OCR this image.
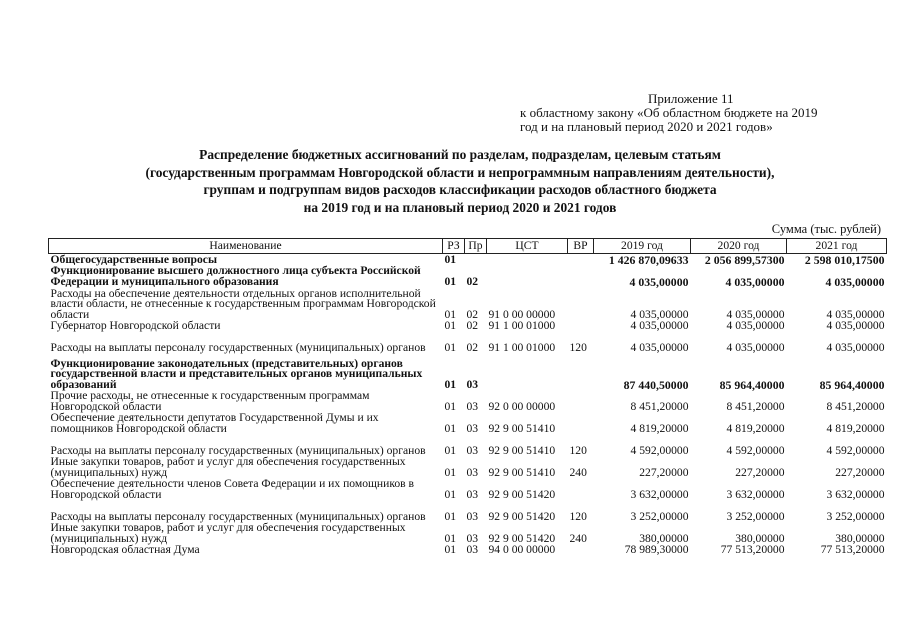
Приложение 11
к областному закону «Об областном бюджете на 2019
год и на плановый период 2020 и 2021 годов»
Распределение бюджетных ассигнований по разделам, подразделам, целевым статьям
(государственным программам Новгородской области и непрограммным направлениям деятельности),
группам и подгруппам видов расходов классификации расходов областного бюджета
на 2019 год и на плановый период 2020 и 2021 годов
Сумма (тыс. рублей)
Наименование	РЗ	Пр	ЦСТ	ВР	2019 год	2020 год	2021 год
Общегосударственные вопросы	01				1 426 870,09633	2 056 899,57300	2 598 010,17500
Функционирование высшего должностного лица субъекта Российской Федерации и муниципального образования	01	02			4 035,00000	4 035,00000	4 035,00000
Расходы на обеспечение деятельности отдельных органов исполнительной власти области, не отнесенные к государственным программам Новгородской области	01	02	91 0 00 00000		4 035,00000	4 035,00000	4 035,00000
Губернатор Новгородской области	01	02	91 1 00 01000		4 035,00000	4 035,00000	4 035,00000
Расходы на выплаты персоналу государственных (муниципальных) органов	01	02	91 1 00 01000	120	4 035,00000	4 035,00000	4 035,00000
Функционирование законодательных (представительных) органов государственной власти и представительных органов муниципальных образований	01	03			87 440,50000	85 964,40000	85 964,40000
Прочие расходы, не отнесенные к государственным программам Новгородской области	01	03	92 0 00 00000		8 451,20000	8 451,20000	8 451,20000
Обеспечение деятельности депутатов Государственной Думы и их помощников Новгородской области	01	03	92 9 00 51410		4 819,20000	4 819,20000	4 819,20000
Расходы на выплаты персоналу государственных (муниципальных) органов	01	03	92 9 00 51410	120	4 592,00000	4 592,00000	4 592,00000
Иные закупки товаров, работ и услуг для обеспечения государственных (муниципальных) нужд	01	03	92 9 00 51410	240	227,20000	227,20000	227,20000
Обеспечение деятельности членов Совета Федерации и их помощников в Новгородской области	01	03	92 9 00 51420		3 632,00000	3 632,00000	3 632,00000
Расходы на выплаты персоналу государственных (муниципальных) органов	01	03	92 9 00 51420	120	3 252,00000	3 252,00000	3 252,00000
Иные закупки товаров, работ и услуг для обеспечения государственных (муниципальных) нужд	01	03	92 9 00 51420	240	380,00000	380,00000	380,00000
Новгородская областная Дума	01	03	94 0 00 00000		78 989,30000	77 513,20000	77 513,20000
